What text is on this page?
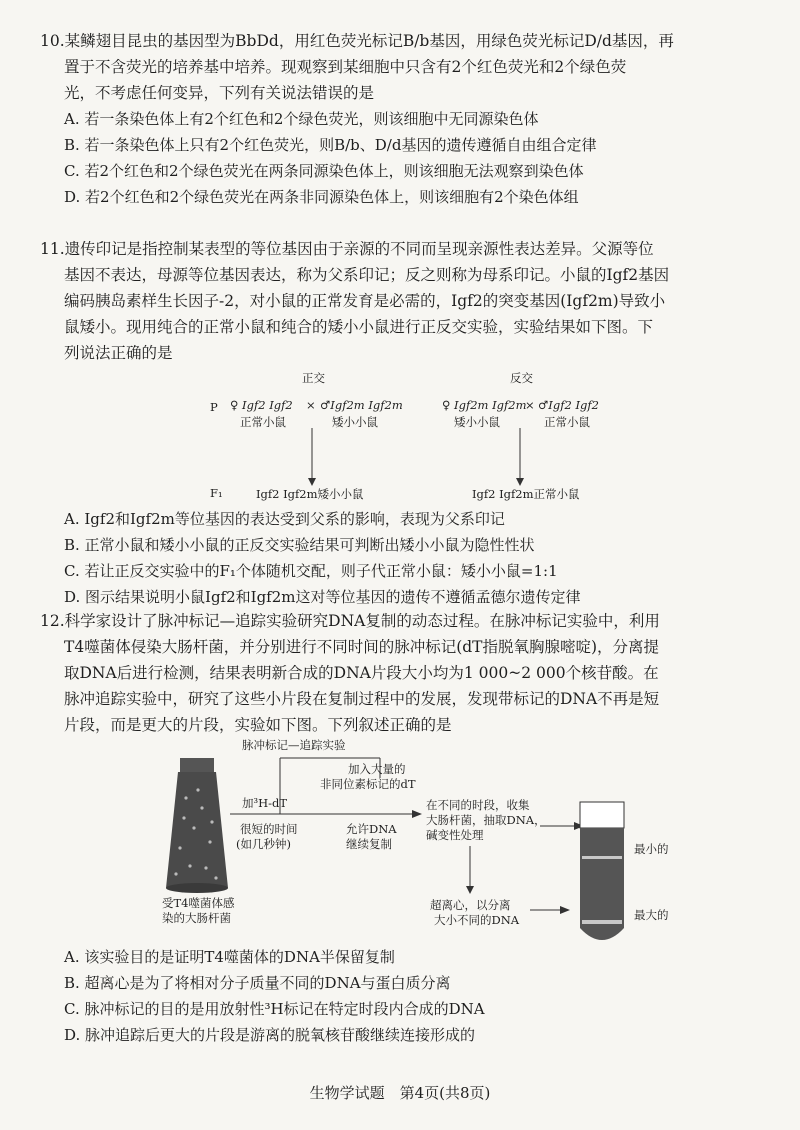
10.某鳞翅目昆虫的基因型为BbDd，用红色荧光标记B/b基因，用绿色荧光标记D/d基因，再

置于不含荧光的培养基中培养。现观察到某细胞中只含有2个红色荧光和2个绿色荧

光，不考虑任何变异，下列有关说法错误的是

A. 若一条染色体上有2个红色和2个绿色荧光，则该细胞中无同源染色体

B. 若一条染色体上只有2个红色荧光，则B/b、D/d基因的遗传遵循自由组合定律

C. 若2个红色和2个绿色荧光在两条同源染色体上，则该细胞无法观察到染色体

D. 若2个红色和2个绿色荧光在两条非同源染色体上，则该细胞有2个染色体组

11.遗传印记是指控制某表型的等位基因由于亲源的不同而呈现亲源性表达差异。父源等位

基因不表达，母源等位基因表达，称为父系印记；反之则称为母系印记。小鼠的Igf2基因

编码胰岛素样生长因子-2，对小鼠的正常发育是必需的，Igf2的突变基因(Igf2m)导致小

鼠矮小。现用纯合的正常小鼠和纯合的矮小小鼠进行正反交实验，实验结果如下图。下

列说法正确的是

正交	反交
P ♀ Igf2 Igf2 × ♂Igf2m Igf2m
正常小鼠	矮小小鼠
♀ Igf2m Igf2m
× ♂Igf2 Igf2
矮小小鼠	正常小鼠
F₁	Igf2 Igf2m矮小小鼠	Igf2 Igf2m正常小鼠

A. Igf2和Igf2m等位基因的表达受到父系的影响，表现为父系印记

B. 正常小鼠和矮小小鼠的正反交实验结果可判断出矮小小鼠为隐性性状

C. 若让正反交实验中的F₁个体随机交配，则子代正常小鼠：矮小小鼠=1:1

D. 图示结果说明小鼠Igf2和Igf2m这对等位基因的遗传不遵循孟德尔遗传定律

12.科学家设计了脉冲标记—追踪实验研究DNA复制的动态过程。在脉冲标记实验中，利用

T4噬菌体侵染大肠杆菌，并分别进行不同时间的脉冲标记(dT指脱氧胸腺嘧啶)，分离提

取DNA后进行检测，结果表明新合成的DNA片段大小均为1 000~2 000个核苷酸。在

脉冲追踪实验中，研究了这些小片段在复制过程中的发展，发现带标记的DNA不再是短

片段，而是更大的片段，实验如下图。下列叙述正确的是

脉冲标记—追踪实验
加³H-dT
很短的时间
(如几秒钟)
加入大量的
非同位素标记的dT
允许DNA
继续复制
在不同的时段，收集
大肠杆菌，抽取DNA，
碱变性处理
超离心，以分离
大小不同的DNA
受T4噬菌体感
染的大肠杆菌
最小的
最大的

A. 该实验目的是证明T4噬菌体的DNA半保留复制

B. 超离心是为了将相对分子质量不同的DNA与蛋白质分离

C. 脉冲标记的目的是用放射性³H标记在特定时段内合成的DNA

D. 脉冲追踪后更大的片段是游离的脱氧核苷酸继续连接形成的

生物学试题　第4页(共8页)
